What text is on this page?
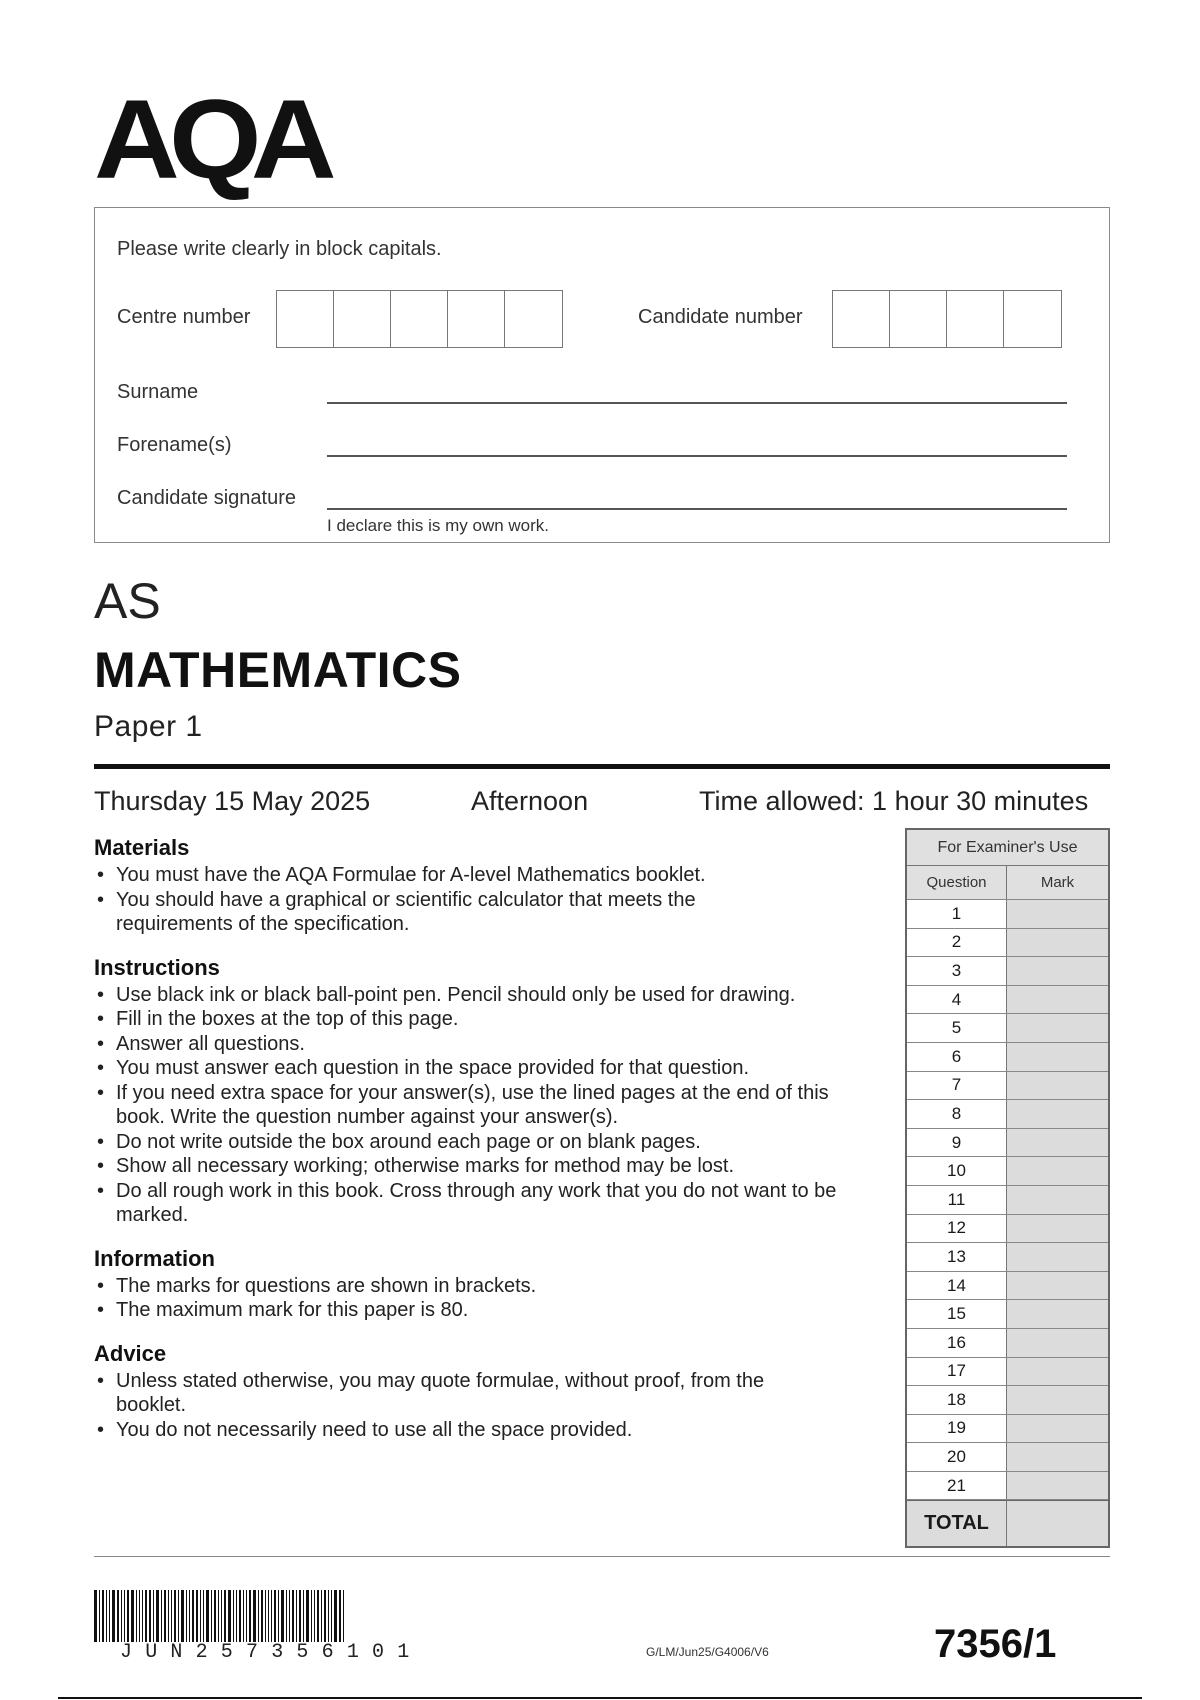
AQA
Please write clearly in block capitals.
Centre number	Candidate number
Surname
Forename(s)
Candidate signature
I declare this is my own work.
AS
MATHEMATICS
Paper 1
Thursday 15 May 2025	Afternoon	Time allowed: 1 hour 30 minutes
Materials
• You must have the AQA Formulae for A-level Mathematics booklet.
• You should have a graphical or scientific calculator that meets the requirements of the specification.
Instructions
• Use black ink or black ball-point pen. Pencil should only be used for drawing.
• Fill in the boxes at the top of this page.
• Answer all questions.
• You must answer each question in the space provided for that question.
• If you need extra space for your answer(s), use the lined pages at the end of this book. Write the question number against your answer(s).
• Do not write outside the box around each page or on blank pages.
• Show all necessary working; otherwise marks for method may be lost.
• Do all rough work in this book. Cross through any work that you do not want to be marked.
Information
• The marks for questions are shown in brackets.
• The maximum mark for this paper is 80.
Advice
• Unless stated otherwise, you may quote formulae, without proof, from the booklet.
• You do not necessarily need to use all the space provided.
For Examiner's Use
Question	Mark
1
2
3
4
5
6
7
8
9
10
11
12
13
14
15
16
17
18
19
20
21
TOTAL
JUN257356101	G/LM/Jun25/G4006/V6	7356/1
